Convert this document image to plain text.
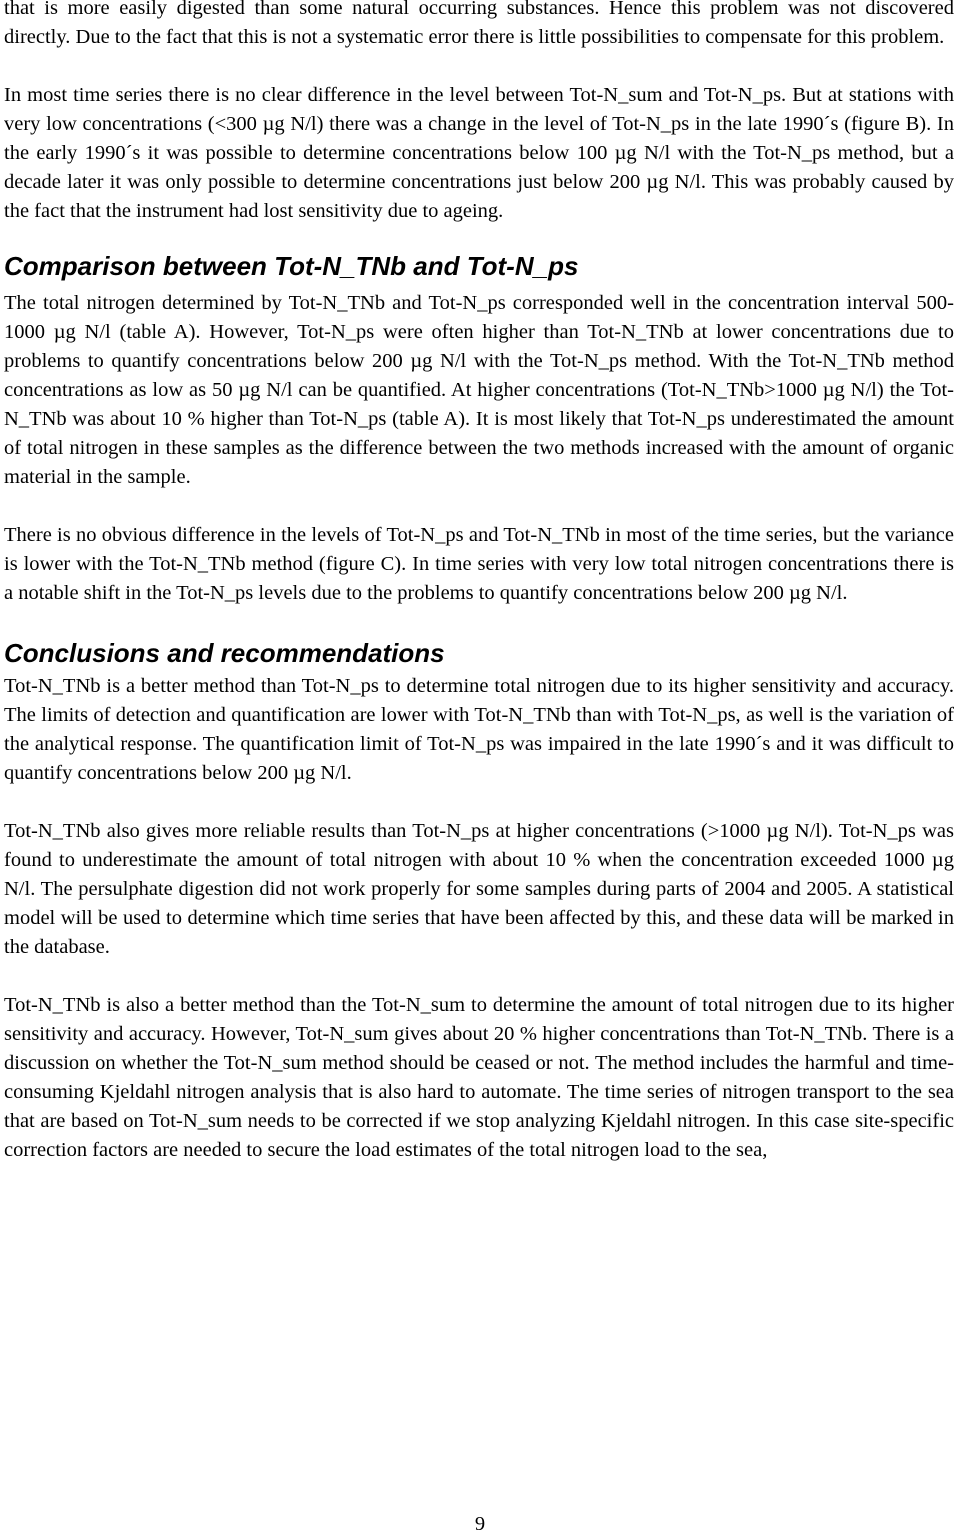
that is more easily digested than some natural occurring substances. Hence this problem was not discovered directly. Due to the fact that this is not a systematic error there is little possibilities to compensate for this problem.

In most time series there is no clear difference in the level between Tot-N_sum and Tot-N_ps. But at stations with very low concentrations (<300 µg N/l) there was a change in the level of Tot-N_ps in the late 1990´s (figure B). In the early 1990´s it was possible to determine concentrations below 100 µg N/l with the Tot-N_ps method, but a decade later it was only possible to determine concentrations just below 200 µg N/l. This was probably caused by the fact that the instrument had lost sensitivity due to ageing.

Comparison between Tot-N_TNb and Tot-N_ps

The total nitrogen determined by Tot-N_TNb and Tot-N_ps corresponded well in the concentration interval 500-1000 µg N/l (table A). However, Tot-N_ps were often higher than Tot-N_TNb at lower concentrations due to problems to quantify concentrations below 200 µg N/l with the Tot-N_ps method. With the Tot-N_TNb method concentrations as low as 50 µg N/l can be quantified. At higher concentrations (Tot-N_TNb>1000 µg N/l) the Tot-N_TNb was about 10 % higher than Tot-N_ps (table A). It is most likely that Tot-N_ps underestimated the amount of total nitrogen in these samples as the difference between the two methods increased with the amount of organic material in the sample.

There is no obvious difference in the levels of Tot-N_ps and Tot-N_TNb in most of the time series, but the variance is lower with the Tot-N_TNb method (figure C). In time series with very low total nitrogen concentrations there is a notable shift in the Tot-N_ps levels due to the problems to quantify concentrations below 200 µg N/l.

Conclusions and recommendations

Tot-N_TNb is a better method than Tot-N_ps to determine total nitrogen due to its higher sensitivity and accuracy. The limits of detection and quantification are lower with Tot-N_TNb than with Tot-N_ps, as well is the variation of the analytical response. The quantification limit of Tot-N_ps was impaired in the late 1990´s and it was difficult to quantify concentrations below 200 µg N/l.

Tot-N_TNb also gives more reliable results than Tot-N_ps at higher concentrations (>1000 µg N/l). Tot-N_ps was found to underestimate the amount of total nitrogen with about 10 % when the concentration exceeded 1000 µg N/l. The persulphate digestion did not work properly for some samples during parts of 2004 and 2005. A statistical model will be used to determine which time series that have been affected by this, and these data will be marked in the database.

Tot-N_TNb is also a better method than the Tot-N_sum to determine the amount of total nitrogen due to its higher sensitivity and accuracy. However, Tot-N_sum gives about 20 % higher concentrations than Tot-N_TNb. There is a discussion on whether the Tot-N_sum method should be ceased or not. The method includes the harmful and time-consuming Kjeldahl nitrogen analysis that is also hard to automate. The time series of nitrogen transport to the sea that are based on Tot-N_sum needs to be corrected if we stop analyzing Kjeldahl nitrogen. In this case site-specific correction factors are needed to secure the load estimates of the total nitrogen load to the sea,

9
